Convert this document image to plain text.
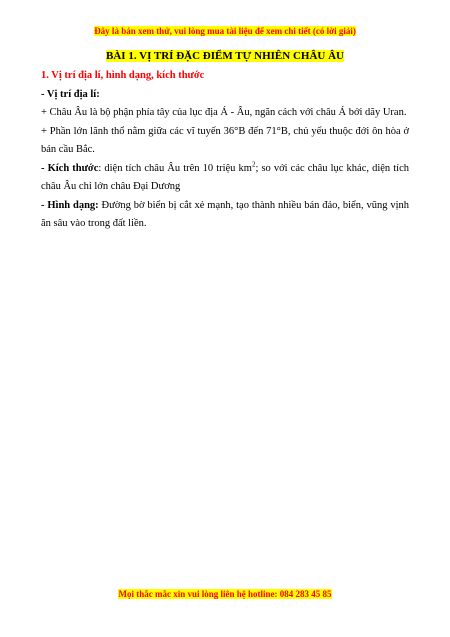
Đây là bản xem thử, vui lòng mua tài liệu để xem chi tiết (có lời giải)
BÀI 1. VỊ TRÍ ĐẶC ĐIỂM TỰ NHIÊN CHÂU ÂU

1. Vị trí địa lí, hình dạng, kích thước

- Vị trí địa lí:

+ Châu Âu là bộ phận phía tây của lục địa Á - Âu, ngăn cách với châu Á bởi dãy Uran.

+ Phần lớn lãnh thổ nằm giữa các vĩ tuyến 36°B đến 71°B, chủ yếu thuộc đới ôn hòa ở bán cầu Bắc.

- Kích thước: diện tích châu Âu trên 10 triệu $km^2$; so với các châu lục khác, diện tích châu Âu chỉ lớn châu Đại Dương

- Hình dạng: Đường bờ biển bị cắt xẻ mạnh, tạo thành nhiều bán đảo, biển, vũng vịnh ăn sâu vào trong đất liền.

Mọi thắc mắc xin vui lòng liên hệ hotline: 084 283 45 85
